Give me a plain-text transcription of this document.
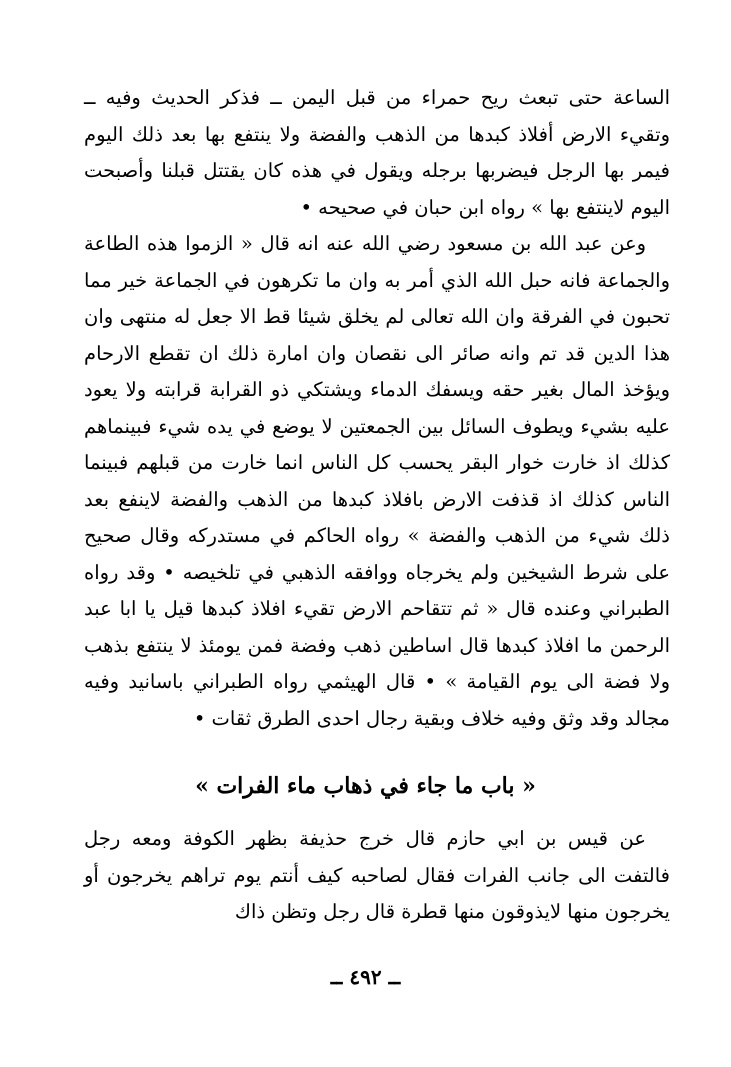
الساعة حتى تبعث ريح حمراء من قبل اليمن ــ فذكر الحديث وفيه ــ وتقيء الارض أفلاذ كبدها من الذهب والفضة ولا ينتفع بها بعد ذلك اليوم فيمر بها الرجل فيضربها برجله ويقول في هذه كان يقتتل قبلنا وأصبحت اليوم لاينتفع بها » رواه ابن حبان في صحيحه •

وعن عبد الله بن مسعود رضي الله عنه انه قال « الزموا هذه الطاعة والجماعة فانه حبل الله الذي أمر به وان ما تكرهون في الجماعة خير مما تحبون في الفرقة وان الله تعالى لم يخلق شيئا قط الا جعل له منتهى وان هذا الدين قد تم وانه صائر الى نقصان وان امارة ذلك ان تقطع الارحام ويؤخذ المال بغير حقه ويسفك الدماء ويشتكي ذو القرابة قرابته ولا يعود عليه بشيء ويطوف السائل بين الجمعتين لا يوضع في يده شيء فبينماهم كذلك اذ خارت خوار البقر يحسب كل الناس انما خارت من قبلهم فبينما الناس كذلك اذ قذفت الارض بافلاذ كبدها من الذهب والفضة لاينفع بعد ذلك شيء من الذهب والفضة » رواه الحاكم في مستدركه وقال صحيح على شرط الشيخين ولم يخرجاه ووافقه الذهبي في تلخيصه • وقد رواه الطبراني وعنده قال « ثم تتقاحم الارض تقيء افلاذ كبدها قيل يا ابا عبد الرحمن ما افلاذ كبدها قال اساطين ذهب وفضة فمن يومئذ لا ينتفع بذهب ولا فضة الى يوم القيامة » • قال الهيثمي رواه الطبراني باسانيد وفيه مجالد وقد وثق وفيه خلاف وبقية رجال احدى الطرق ثقات •

« باب ما جاء في ذهاب ماء الفرات »

عن قيس بن ابي حازم قال خرج حذيفة بظهر الكوفة ومعه رجل فالتفت الى جانب الفرات فقال لصاحبه كيف أنتم يوم تراهم يخرجون أو يخرجون منها لايذوقون منها قطرة قال رجل وتظن ذاك

ــ ٤٩٢ ــ
